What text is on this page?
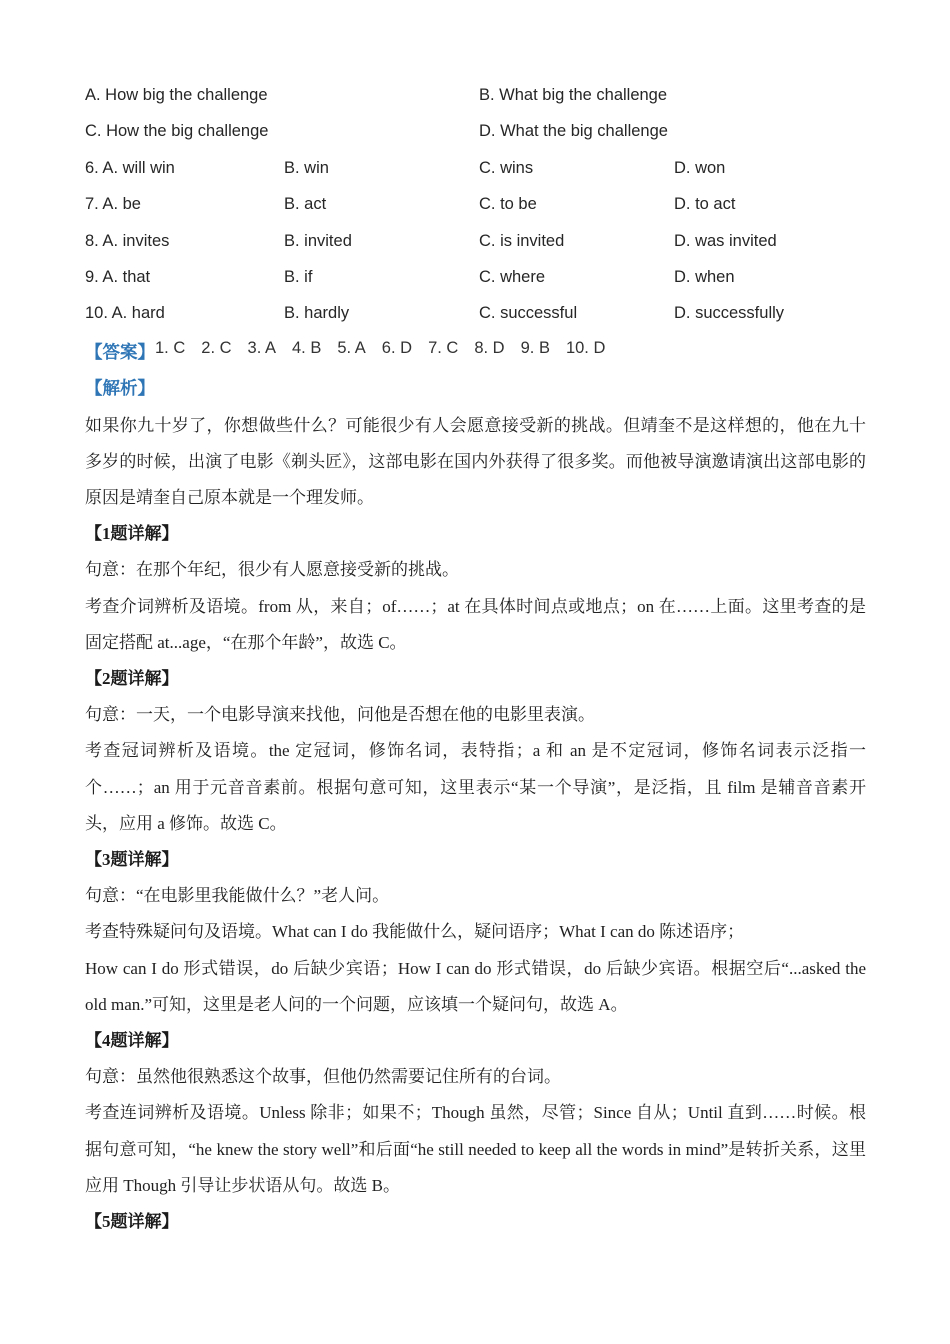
A. How big the challenge	B. What big the challenge
C. How the big challenge	D. What the big challenge
6. A. will win	B. win	C. wins	D. won
7. A. be	B. act	C. to be	D. to act
8. A. invites	B. invited	C. is invited	D. was invited
9. A. that	B. if	C. where	D. when
10. A. hard	B. hardly	C. successful	D. successfully
【答案】 1. C 2. C 3. A 4. B 5. A 6. D 7. C 8. D 9. B 10. D
【解析】

如果你九十岁了，你想做些什么？可能很少有人会愿意接受新的挑战。但靖奎不是这样想的，他在九十多岁的时候，出演了电影《剃头匠》，这部电影在国内外获得了很多奖。而他被导演邀请演出这部电影的原因是靖奎自己原本就是一个理发师。

【1题详解】

句意：在那个年纪，很少有人愿意接受新的挑战。

考查介词辨析及语境。from 从，来自；of……；at 在具体时间点或地点；on 在……上面。这里考查的是固定搭配 at...age，“在那个年龄”，故选 C。

【2题详解】

句意：一天，一个电影导演来找他，问他是否想在他的电影里表演。

考查冠词辨析及语境。the 定冠词，修饰名词，表特指；a 和 an 是不定冠词，修饰名词表示泛指一个……；an 用于元音音素前。根据句意可知，这里表示“某一个导演”，是泛指，且 film 是辅音音素开头，应用 a 修饰。故选 C。

【3题详解】

句意：“在电影里我能做什么？”老人问。

考查特殊疑问句及语境。What can I do 我能做什么，疑问语序；What I can do 陈述语序；

How can I do 形式错误，do 后缺少宾语；How I can do 形式错误，do 后缺少宾语。根据空后“...asked the old man.”可知，这里是老人问的一个问题，应该填一个疑问句，故选 A。

【4题详解】

句意：虽然他很熟悉这个故事，但他仍然需要记住所有的台词。

考查连词辨析及语境。Unless 除非；如果不；Though 虽然，尽管；Since 自从；Until 直到……时候。根据句意可知，“he knew the story well”和后面“he still needed to keep all the words in mind”是转折关系，这里应用 Though 引导让步状语从句。故选 B。

【5题详解】
